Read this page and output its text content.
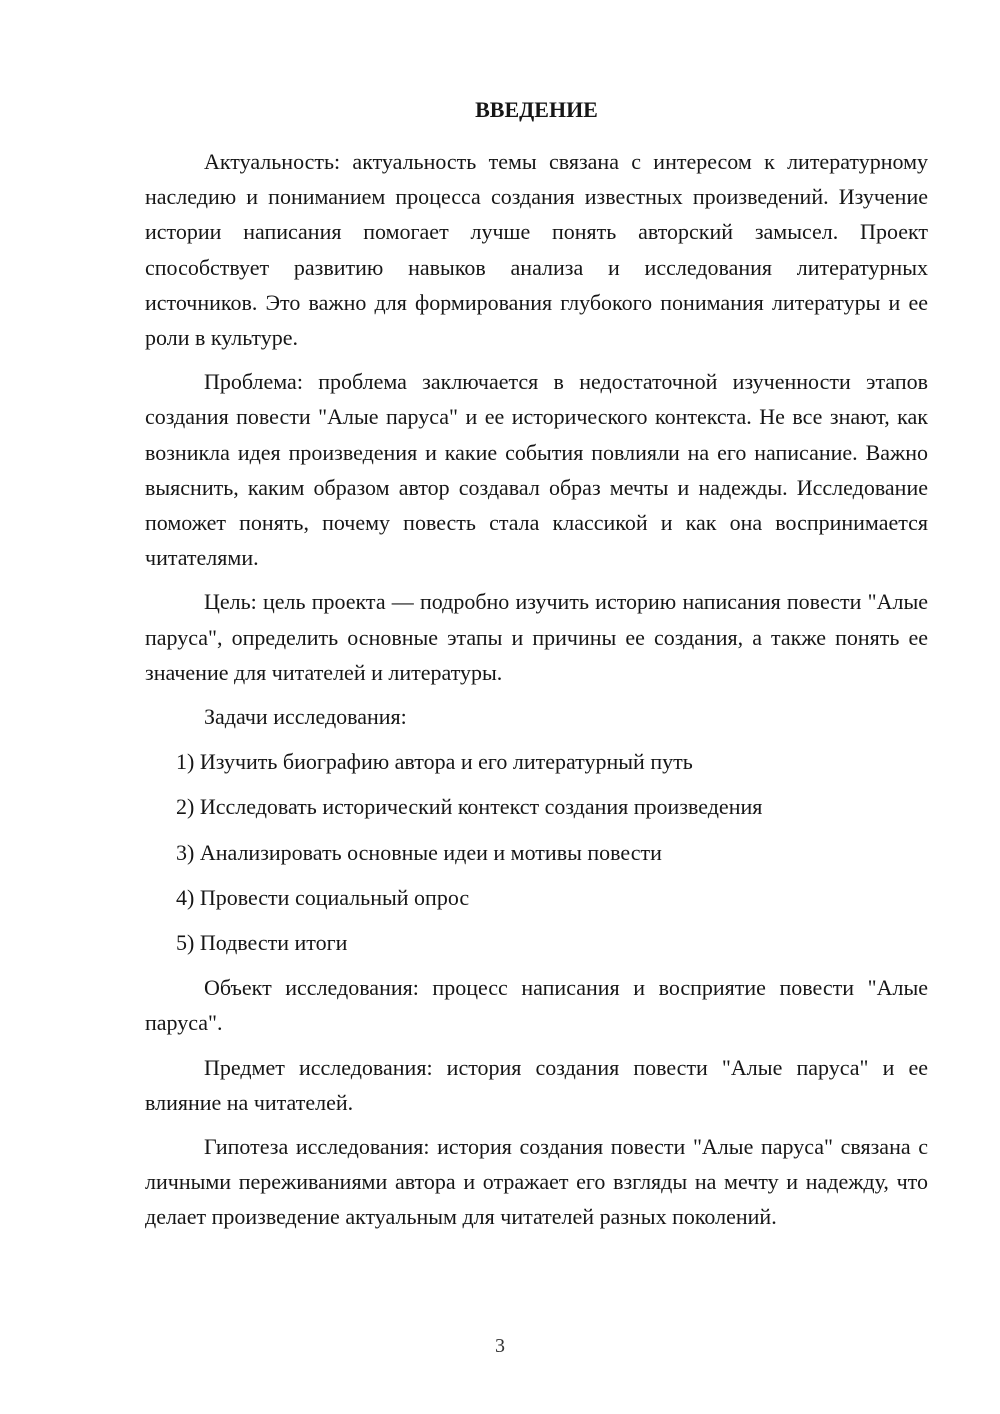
ВВЕДЕНИЕ

Актуальность: актуальность темы связана с интересом к литературному наследию и пониманием процесса создания известных произведений. Изучение истории написания помогает лучше понять авторский замысел. Проект способствует развитию навыков анализа и исследования литературных источников. Это важно для формирования глубокого понимания литературы и ее роли в культуре.

Проблема: проблема заключается в недостаточной изученности этапов создания повести "Алые паруса" и ее исторического контекста. Не все знают, как возникла идея произведения и какие события повлияли на его написание. Важно выяснить, каким образом автор создавал образ мечты и надежды. Исследование поможет понять, почему повесть стала классикой и как она воспринимается читателями.

Цель: цель проекта — подробно изучить историю написания повести "Алые паруса", определить основные этапы и причины ее создания, а также понять ее значение для читателей и литературы.

Задачи исследования:

1) Изучить биографию автора и его литературный путь
2) Исследовать исторический контекст создания произведения
3) Анализировать основные идеи и мотивы повести
4) Провести социальный опрос
5) Подвести итоги

Объект исследования: процесс написания и восприятие повести "Алые паруса".

Предмет исследования: история создания повести "Алые паруса" и ее влияние на читателей.

Гипотеза исследования: история создания повести "Алые паруса" связана с личными переживаниями автора и отражает его взгляды на мечту и надежду, что делает произведение актуальным для читателей разных поколений.

3
